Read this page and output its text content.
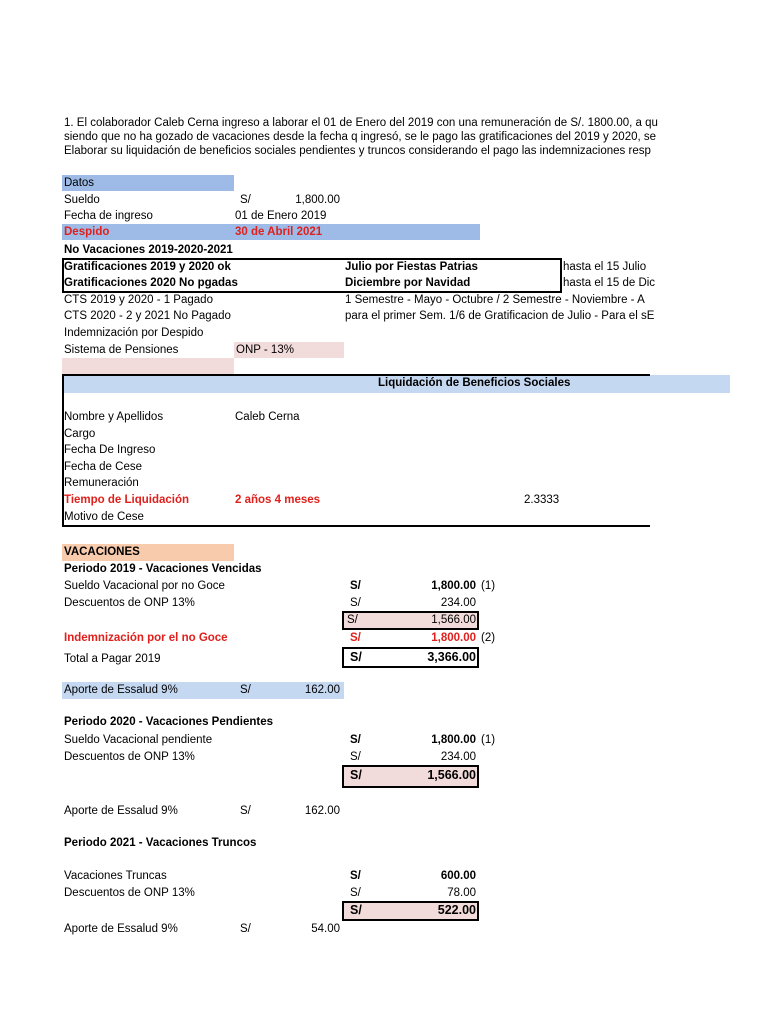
1. El colaborador Caleb Cerna ingreso a laborar el 01 de Enero del 2019 con una remuneración de S/. 1800.00, a qu
siendo que no ha gozado de vacaciones desde la fecha q ingresó, se le pago las gratificaciones del 2019 y 2020, se
Elaborar su liquidación de beneficios sociales pendientes y truncos considerando el pago las indemnizaciones resp
Datos
Sueldo	S/	1,800.00
Fecha de ingreso	01 de Enero 2019
Despido	30 de Abril 2021
No Vacaciones 2019-2020-2021
Gratificaciones 2019 y 2020 ok	Julio por Fiestas Patrias	hasta el 15 Julio
Gratificaciones 2020 No pgadas	Diciembre por Navidad	hasta el 15 de Dic
CTS 2019 y 2020 - 1 Pagado	1 Semestre - Mayo - Octubre / 2 Semestre - Noviembre - A
CTS 2020 - 2 y 2021 No Pagado	para el primer Sem. 1/6 de Gratificacion de Julio - Para el sE
Indemnización por Despido
Sistema de Pensiones	ONP - 13%
Liquidación de Beneficios Sociales
Nombre y Apellidos	Caleb Cerna
Cargo
Fecha De Ingreso
Fecha de Cese
Remuneración
Tiempo de Liquidación	2 años 4 meses	2.3333
Motivo de Cese
VACACIONES
Periodo 2019 - Vacaciones Vencidas
Sueldo Vacacional por no Goce	S/	1,800.00 (1)
Descuentos de ONP 13%	S/	234.00
S/	1,566.00
Indemnización por el no Goce	S/	1,800.00 (2)
Total a Pagar 2019	S/	3,366.00
Aporte de Essalud 9%	S/	162.00
Periodo 2020 - Vacaciones Pendientes
Sueldo Vacacional pendiente	S/	1,800.00 (1)
Descuentos de ONP 13%	S/	234.00
S/	1,566.00
Aporte de Essalud 9%	S/	162.00
Periodo 2021 - Vacaciones Truncos
Vacaciones Truncas	S/	600.00
Descuentos de ONP 13%	S/	78.00
S/	522.00
Aporte de Essalud 9%	S/	54.00
